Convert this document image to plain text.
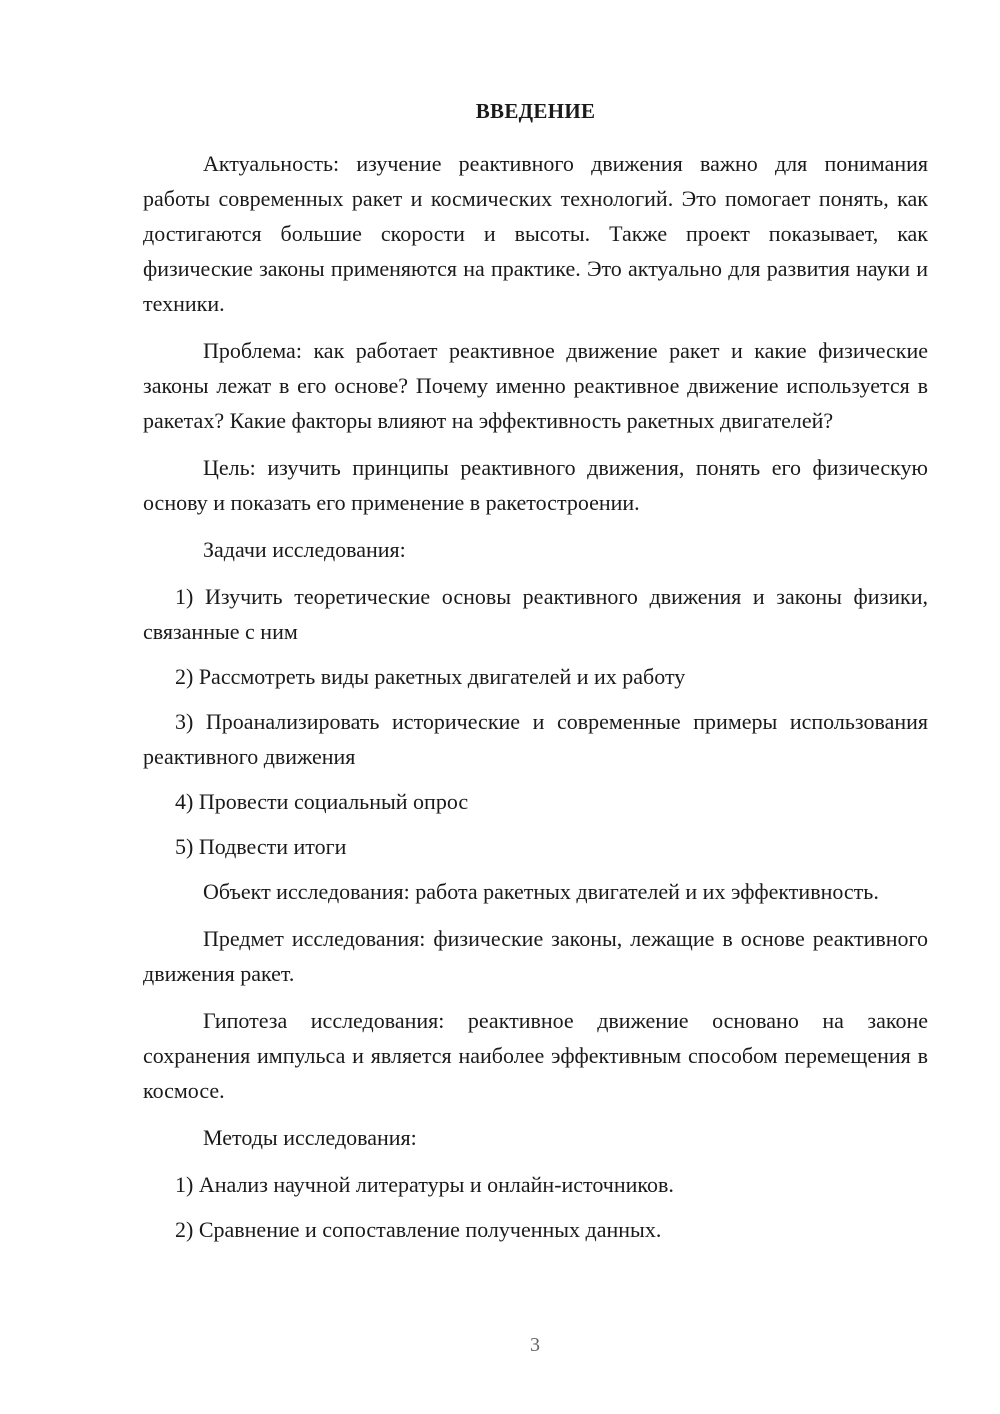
ВВЕДЕНИЕ

Актуальность: изучение реактивного движения важно для понимания работы современных ракет и космических технологий. Это помогает понять, как достигаются большие скорости и высоты. Также проект показывает, как физические законы применяются на практике. Это актуально для развития науки и техники.

Проблема: как работает реактивное движение ракет и какие физические законы лежат в его основе? Почему именно реактивное движение используется в ракетах? Какие факторы влияют на эффективность ракетных двигателей?

Цель: изучить принципы реактивного движения, понять его физическую основу и показать его применение в ракетостроении.

Задачи исследования:

1) Изучить теоретические основы реактивного движения и законы физики, связанные с ним

2) Рассмотреть виды ракетных двигателей и их работу

3) Проанализировать исторические и современные примеры использования реактивного движения

4) Провести социальный опрос

5) Подвести итоги

Объект исследования: работа ракетных двигателей и их эффективность.

Предмет исследования: физические законы, лежащие в основе реактивного движения ракет.

Гипотеза исследования: реактивное движение основано на законе сохранения импульса и является наиболее эффективным способом перемещения в космосе.

Методы исследования:

1) Анализ научной литературы и онлайн-источников.

2) Сравнение и сопоставление полученных данных.

3
